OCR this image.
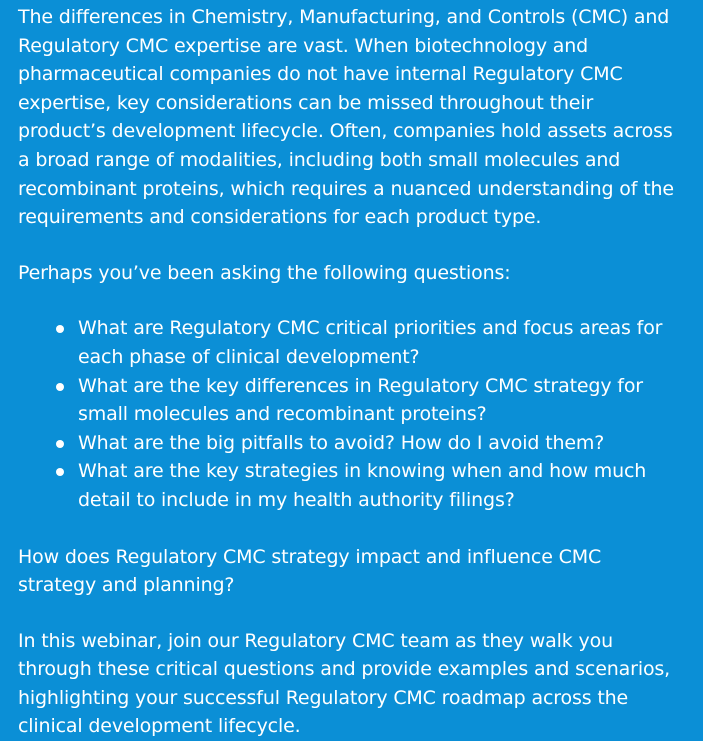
The differences in Chemistry, Manufacturing, and Controls (CMC) and Regulatory CMC expertise are vast. When biotechnology and pharmaceutical companies do not have internal Regulatory CMC expertise, key considerations can be missed throughout their product’s development lifecycle. Often, companies hold assets across a broad range of modalities, including both small molecules and recombinant proteins, which requires a nuanced understanding of the requirements and considerations for each product type.

Perhaps you’ve been asking the following questions:

What are Regulatory CMC critical priorities and focus areas for each phase of clinical development?
What are the key differences in Regulatory CMC strategy for small molecules and recombinant proteins?
What are the big pitfalls to avoid? How do I avoid them?
What are the key strategies in knowing when and how much detail to include in my health authority filings?

How does Regulatory CMC strategy impact and influence CMC strategy and planning?

In this webinar, join our Regulatory CMC team as they walk you through these critical questions and provide examples and scenarios, highlighting your successful Regulatory CMC roadmap across the clinical development lifecycle.
